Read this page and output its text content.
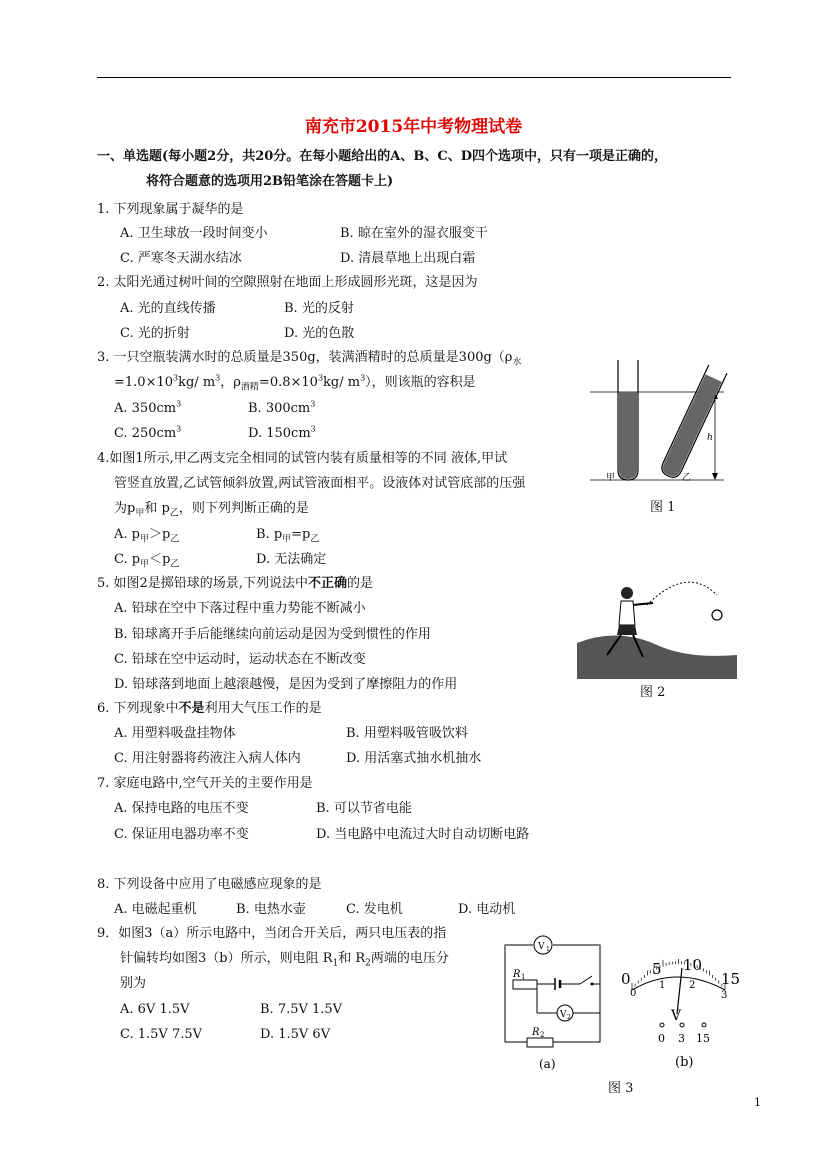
南充市2015年中考物理试卷
一、单选题(每小题2分，共20分。在每小题给出的A、B、C、D四个选项中，只有一项是正确的，
将符合题意的选项用2B铅笔涂在答题卡上)
1. 下列现象属于凝华的是
A. 卫生球放一段时间变小	B. 晾在室外的湿衣服变干
C. 严寒冬天湖水结冰	D. 清晨草地上出现白霜
2. 太阳光通过树叶间的空隙照射在地面上形成圆形光斑，这是因为
A. 光的直线传播	B. 光的反射
C. 光的折射	D. 光的色散
3. 一只空瓶装满水时的总质量是350g，装满酒精时的总质量是$300g(\rho_水$
$=1.0\times 10^3kg/$ $m^3$，$\rho_{酒精}=0.8\times 10^3kg/$ $m^3$），则该瓶的容积是
A. $350cm^3$	B. $300cm^3$
C. $250cm^3$	D. $150cm^3$
4.如图1所示,甲乙两支完全相同的试管内装有质量相等的不同 液体,甲试
管竖直放置,乙试管倾斜放置,两试管液面相平。设液体对试管底部的压强
为$p_甲$和 $p_乙$，则下列判断正确的是
A. $p_甲>p_乙$	B. $p_甲=p_乙$
C. $p_甲<p_乙$	D. 无法确定
5. 如图2是掷铅球的场景,下列说法中不正确的是
A. 铅球在空中下落过程中重力势能不断减小
B. 铅球离开手后能继续向前运动是因为受到惯性的作用
C. 铅球在空中运动时，运动状态在不断改变
D. 铅球落到地面上越滚越慢，是因为受到了摩擦阻力的作用
6. 下列现象中不是利用大气压工作的是
A. 用塑料吸盘挂物体	B. 用塑料吸管吸饮料
C. 用注射器将药液注入病人体内	D. 用活塞式抽水机抽水
7. 家庭电路中,空气开关的主要作用是
A. 保持电路的电压不变	B. 可以节省电能
C. 保证用电器功率不变	D. 当电路中电流过大时自动切断电路
8. 下列设备中应用了电磁感应现象的是
A. 电磁起重机	B. 电热水壶	C. 发电机	D. 电动机
9．如图3（a）所示电路中，当闭合开关后，两只电压表的指
针偏转均如图3（b）所示，则电阻 $R_1$和 $R_2$两端的电压分
别为
A. 6V 1.5V	B. 7.5V 1.5V
C. 1.5V 7.5V	D. 1.5V 6V
h
甲	乙
图 1
图 2
V 1
R 1
V 2
R 2
(a)
0
5 10
15
0
1 2
3
V
0 3 15
(b)
图 3
1
